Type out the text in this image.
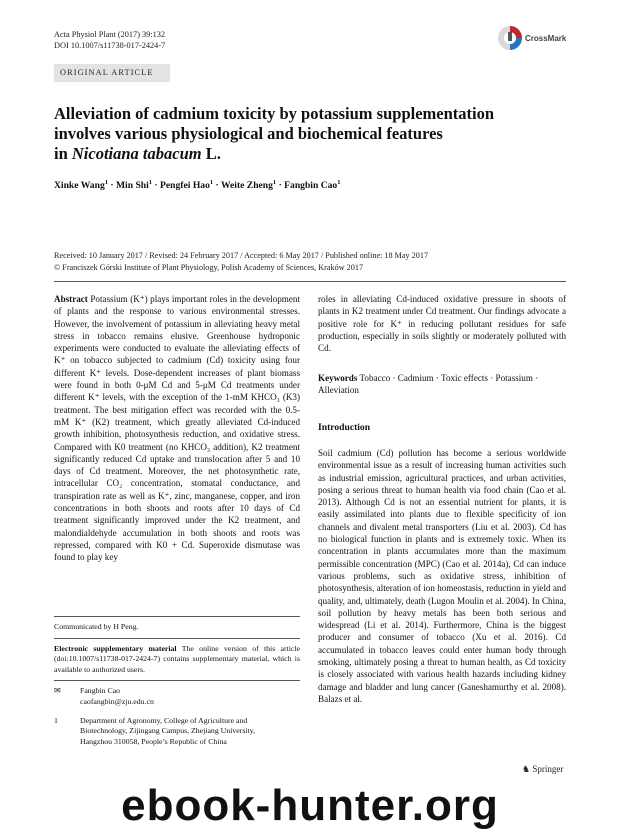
Acta Physiol Plant (2017) 39:132
DOI 10.1007/s11738-017-2424-7
CrossMark
ORIGINAL ARTICLE
Alleviation of cadmium toxicity by potassium supplementation
involves various physiological and biochemical features
in Nicotiana tabacum L.
Xinke Wang$^1$ · Min Shi$^1$ · Pengfei Hao$^1$ · Weite Zheng$^1$ · Fangbin Cao$^1$
Received: 10 January 2017 / Revised: 24 February 2017 / Accepted: 6 May 2017 / Published online: 18 May 2017
© Franciszek Górski Institute of Plant Physiology, Polish Academy of Sciences, Kraków 2017

Abstract Potassium (K⁺) plays important roles in the development of plants and the response to various environmental stresses. However, the involvement of potassium in alleviating heavy metal stress in tobacco remains elusive. Greenhouse hydroponic experiments were conducted to evaluate the alleviating effects of K⁺ on tobacco subjected to cadmium (Cd) toxicity using four different K⁺ levels. Dose-dependent increases of plant biomass were found in both 0-μM Cd and 5-μM Cd treatments under different K⁺ levels, with the exception of the 1-mM KHCO₃ (K3) treatment. The best mitigation effect was recorded with the 0.5-mM K⁺ (K2) treatment, which greatly alleviated Cd-induced growth inhibition, photosynthesis reduction, and oxidative stress. Compared with K0 treatment (no KHCO₃ addition), K2 treatment significantly reduced Cd uptake and translocation after 5 and 10 days of Cd treatment. Moreover, the net photosynthetic rate, intracellular CO₂ concentration, stomatal conductance, and transpiration rate as well as K⁺, zinc, manganese, copper, and iron concentrations in both shoots and roots after 10 days of Cd treatment significantly improved under the K2 treatment, and malondialdehyde accumulation in both shoots and roots was repressed, compared with K0 + Cd. Superoxide dismutase was found to play key

Communicated by H Peng.

Electronic supplementary material The online version of this article (doi:10.1007/s11738-017-2424-7) contains supplementary material, which is available to authorized users.

✉	Fangbin Cao
caofangbin@zju.edu.cn
1	Department of Agronomy, College of Agriculture and Biotechnology, Zijingang Campus, Zhejiang University, Hangzhou 310058, People’s Republic of China
roles in alleviating Cd-induced oxidative pressure in shoots of plants in K2 treatment under Cd treatment. Our findings advocate a positive role for K⁺ in reducing pollutant residues for safe production, especially in soils slightly or moderately polluted with Cd.

Keywords Tobacco · Cadmium · Toxic effects · Potassium · Alleviation

Introduction
Soil cadmium (Cd) pollution has become a serious worldwide environmental issue as a result of increasing human activities such as industrial emission, agricultural practices, and urban activities, posing a serious threat to human health via food chain (Cao et al. 2013). Although Cd is not an essential nutrient for plants, it is easily assimilated into plants due to flexible specificity of ion channels and divalent metal transporters (Liu et al. 2003). Cd has no biological function in plants and is extremely toxic. When its concentration in plants accumulates more than the maximum permissible concentration (MPC) (Cao et al. 2014a), Cd can induce various problems, such as oxidative stress, inhibition of photosynthesis, alteration of ion homeostasis, reduction in yield and quality, and, ultimately, death (Lugon Moulin et al. 2004). In China, soil pollution by heavy metals has been both serious and widespread (Li et al. 2014). Furthermore, China is the biggest producer and consumer of tobacco (Xu et al. 2016). Cd accumulated in tobacco leaves could enter human body through smoking, ultimately posing a threat to human health, as Cd toxicity is closely associated with various health hazards including kidney damage and bladder and lung cancer (Ganeshamurthy et al. 2008). Balazs et al.
♞ Springer
ebook-hunter.org
